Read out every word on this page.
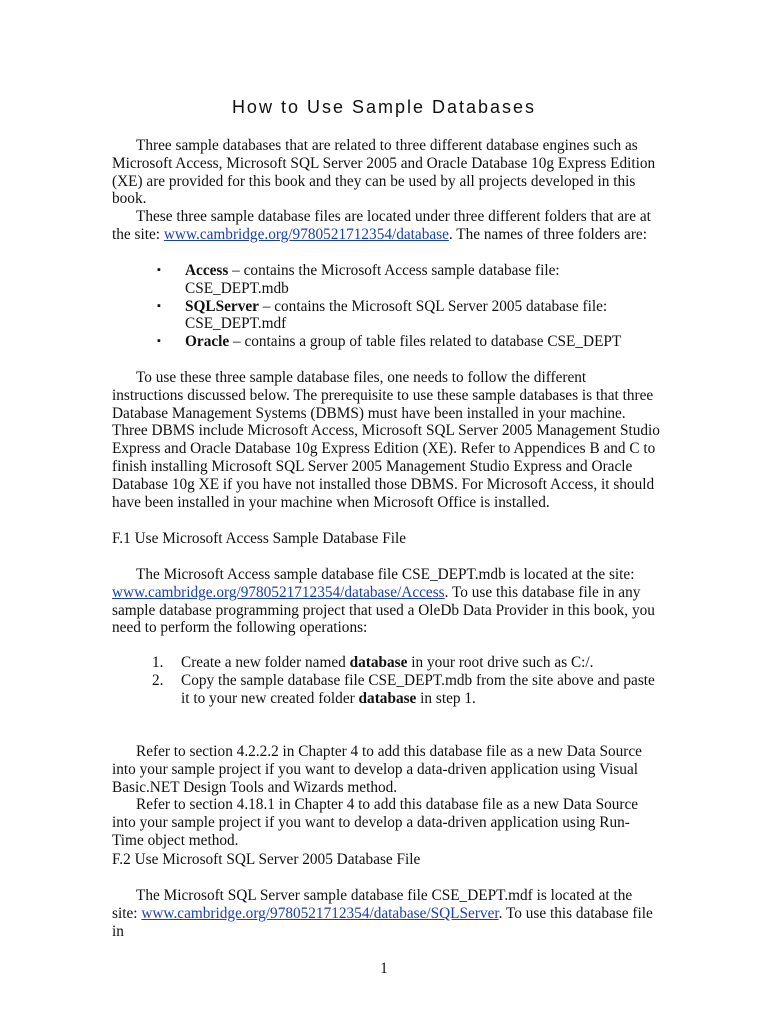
How to Use Sample Databases
Three sample databases that are related to three different database engines such as Microsoft Access, Microsoft SQL Server 2005 and Oracle Database 10g Express Edition (XE) are provided for this book and they can be used by all projects developed in this book.
These three sample database files are located under three different folders that are at the site: www.cambridge.org/9780521712354/database. The names of three folders are:
▪ Access – contains the Microsoft Access sample database file: CSE_DEPT.mdb
▪ SQLServer – contains the Microsoft SQL Server 2005 database file: CSE_DEPT.mdf
▪ Oracle – contains a group of table files related to database CSE_DEPT
To use these three sample database files, one needs to follow the different instructions discussed below. The prerequisite to use these sample databases is that three Database Management Systems (DBMS) must have been installed in your machine. Three DBMS include Microsoft Access, Microsoft SQL Server 2005 Management Studio Express and Oracle Database 10g Express Edition (XE). Refer to Appendices B and C to finish installing Microsoft SQL Server 2005 Management Studio Express and Oracle Database 10g XE if you have not installed those DBMS. For Microsoft Access, it should have been installed in your machine when Microsoft Office is installed.
F.1 Use Microsoft Access Sample Database File
The Microsoft Access sample database file CSE_DEPT.mdb is located at the site: www.cambridge.org/9780521712354/database/Access. To use this database file in any sample database programming project that used a OleDb Data Provider in this book, you need to perform the following operations:
1. Create a new folder named database in your root drive such as C:/.
2. Copy the sample database file CSE_DEPT.mdb from the site above and paste it to your new created folder database in step 1.
Refer to section 4.2.2.2 in Chapter 4 to add this database file as a new Data Source into your sample project if you want to develop a data-driven application using Visual Basic.NET Design Tools and Wizards method.
Refer to section 4.18.1 in Chapter 4 to add this database file as a new Data Source into your sample project if you want to develop a data-driven application using Run-Time object method.
F.2 Use Microsoft SQL Server 2005 Database File
The Microsoft SQL Server sample database file CSE_DEPT.mdf is located at the site: www.cambridge.org/9780521712354/database/SQLServer. To use this database file in
1
